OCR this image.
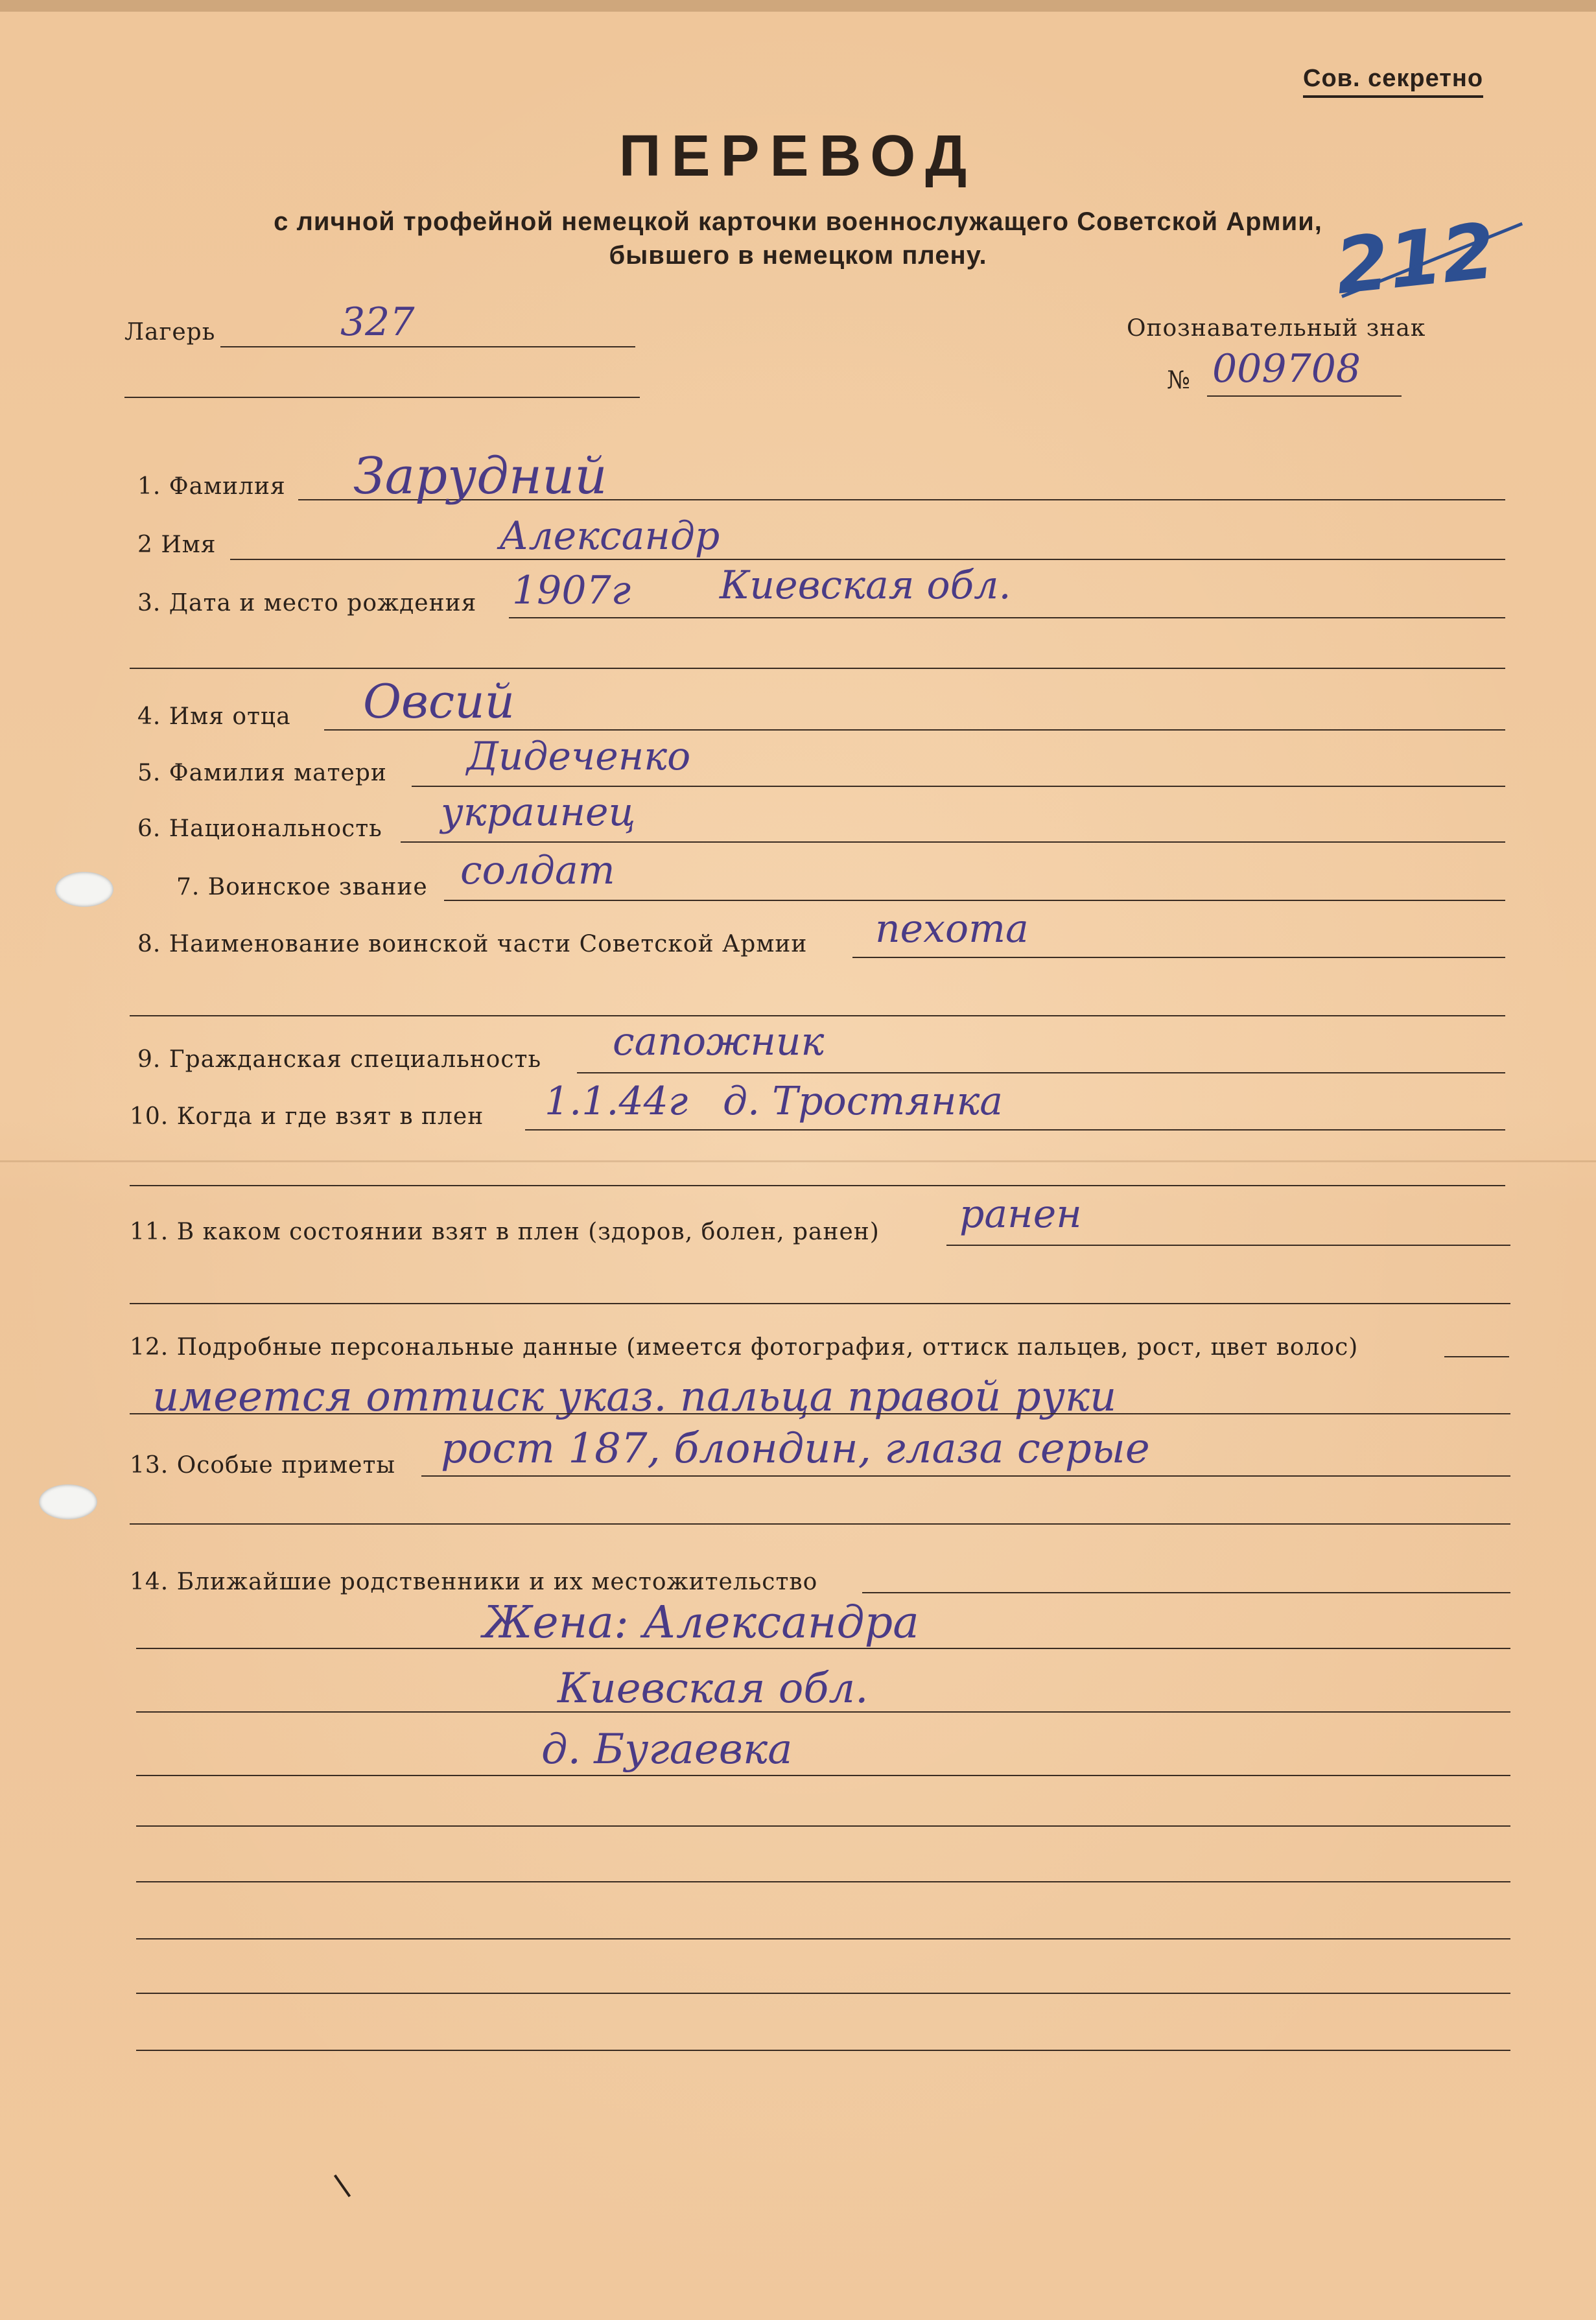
Сов. секретно
ПЕРЕВОД
с личной трофейной немецкой карточки военнослужащего Советской Армии,
бывшего в немецком плену.	212
Лагерь	327	Опознавательный знак
№ 009708
1. Фамилия Зарудний
2 Имя	Александр
3. Дата и место рождения 1907г Киевская обл.
4. Имя отца Овсий
5. Фамилия матери Дидеченко
6. Национальность украинец
7. Воинское звание солдат
8. Наименование воинской части Советской Армии пехота
9. Гражданская специальность сапожник
10. Когда и где взят в плен 1.1.44г д. Тростянка
11. В каком состоянии взят в плен (здоров, болен, ранен) ранен
12. Подробные персональные данные (имеется фотография, оттиск пальцев, рост, цвет волос)
имеется оттиск указ. пальца правой руки
13. Особые приметы рост 187, блондин, глаза серые
14. Ближайшие родственники и их местожительство
Жена: Александра
Киевская обл.
д. Бугаевка
